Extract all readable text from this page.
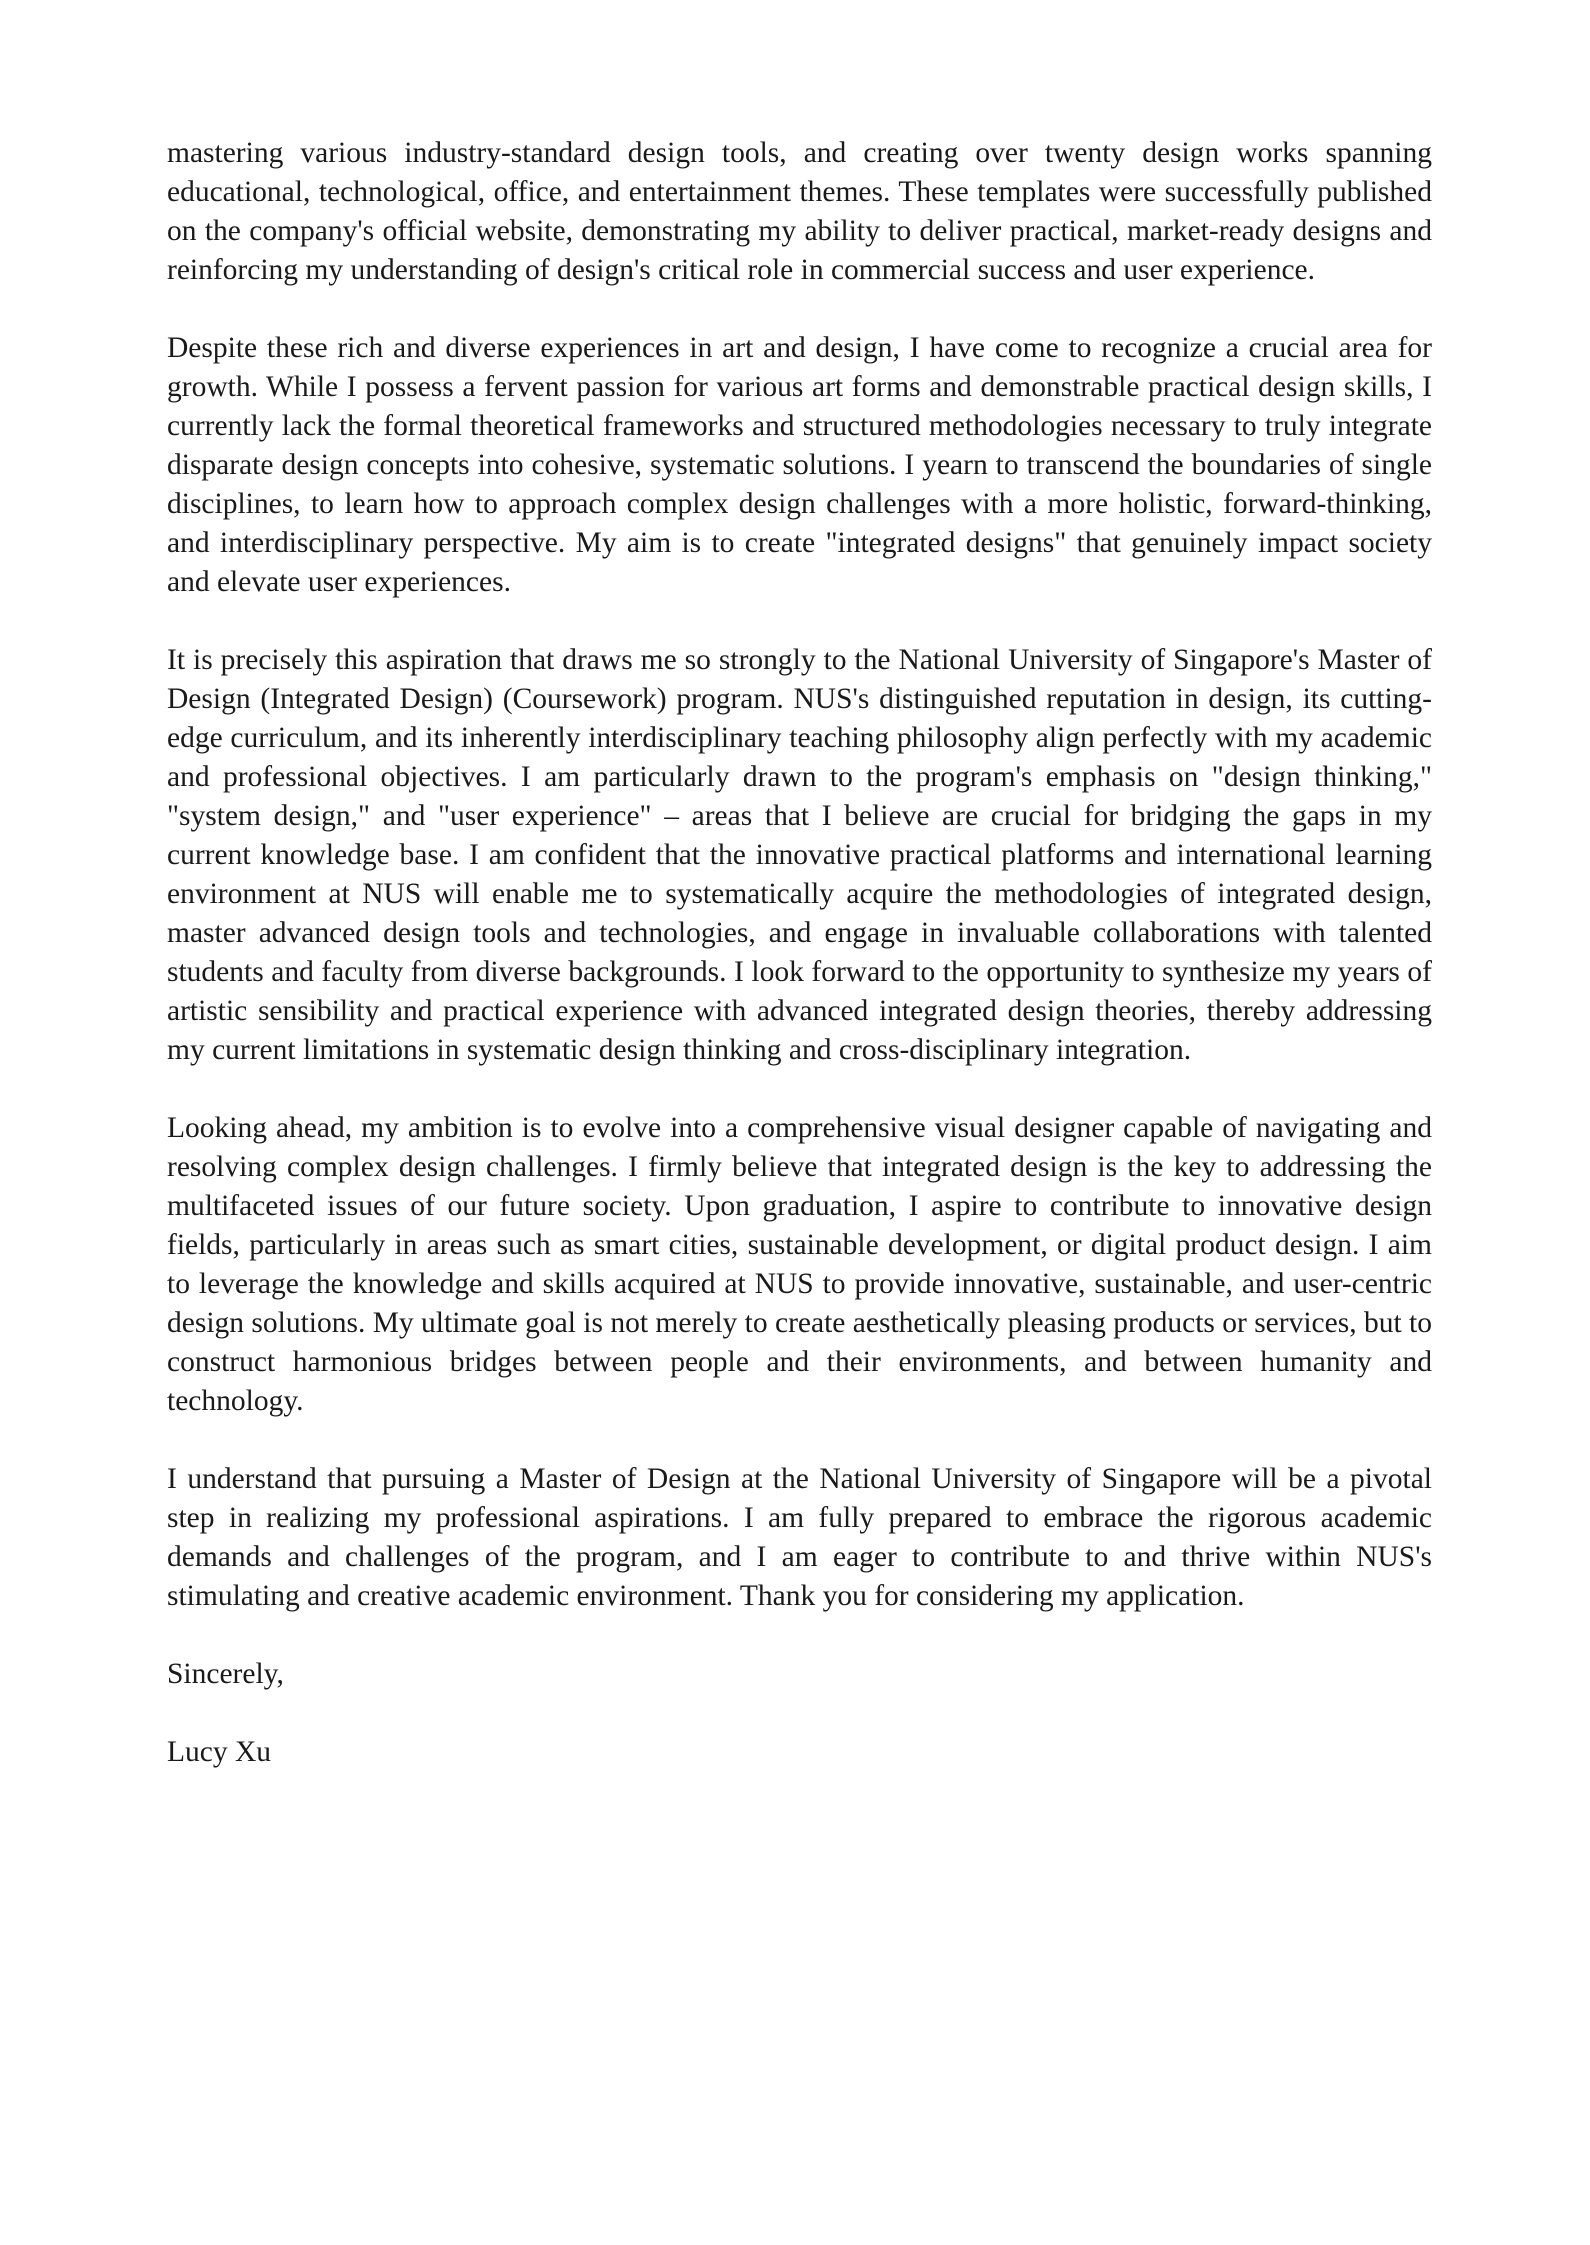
mastering various industry-standard design tools, and creating over twenty design works spanning educational, technological, office, and entertainment themes. These templates were successfully published on the company's official website, demonstrating my ability to deliver practical, market-ready designs and reinforcing my understanding of design's critical role in commercial success and user experience.

Despite these rich and diverse experiences in art and design, I have come to recognize a crucial area for growth. While I possess a fervent passion for various art forms and demonstrable practical design skills, I currently lack the formal theoretical frameworks and structured methodologies necessary to truly integrate disparate design concepts into cohesive, systematic solutions. I yearn to transcend the boundaries of single disciplines, to learn how to approach complex design challenges with a more holistic, forward-thinking, and interdisciplinary perspective. My aim is to create "integrated designs" that genuinely impact society and elevate user experiences.

It is precisely this aspiration that draws me so strongly to the National University of Singapore's Master of Design (Integrated Design) (Coursework) program. NUS's distinguished reputation in design, its cutting-edge curriculum, and its inherently interdisciplinary teaching philosophy align perfectly with my academic and professional objectives. I am particularly drawn to the program's emphasis on "design thinking," "system design," and "user experience" – areas that I believe are crucial for bridging the gaps in my current knowledge base. I am confident that the innovative practical platforms and international learning environment at NUS will enable me to systematically acquire the methodologies of integrated design, master advanced design tools and technologies, and engage in invaluable collaborations with talented students and faculty from diverse backgrounds. I look forward to the opportunity to synthesize my years of artistic sensibility and practical experience with advanced integrated design theories, thereby addressing my current limitations in systematic design thinking and cross-disciplinary integration.

Looking ahead, my ambition is to evolve into a comprehensive visual designer capable of navigating and resolving complex design challenges. I firmly believe that integrated design is the key to addressing the multifaceted issues of our future society. Upon graduation, I aspire to contribute to innovative design fields, particularly in areas such as smart cities, sustainable development, or digital product design. I aim to leverage the knowledge and skills acquired at NUS to provide innovative, sustainable, and user-centric design solutions. My ultimate goal is not merely to create aesthetically pleasing products or services, but to construct harmonious bridges between people and their environments, and between humanity and technology.

I understand that pursuing a Master of Design at the National University of Singapore will be a pivotal step in realizing my professional aspirations. I am fully prepared to embrace the rigorous academic demands and challenges of the program, and I am eager to contribute to and thrive within NUS's stimulating and creative academic environment. Thank you for considering my application.

Sincerely,

Lucy Xu
